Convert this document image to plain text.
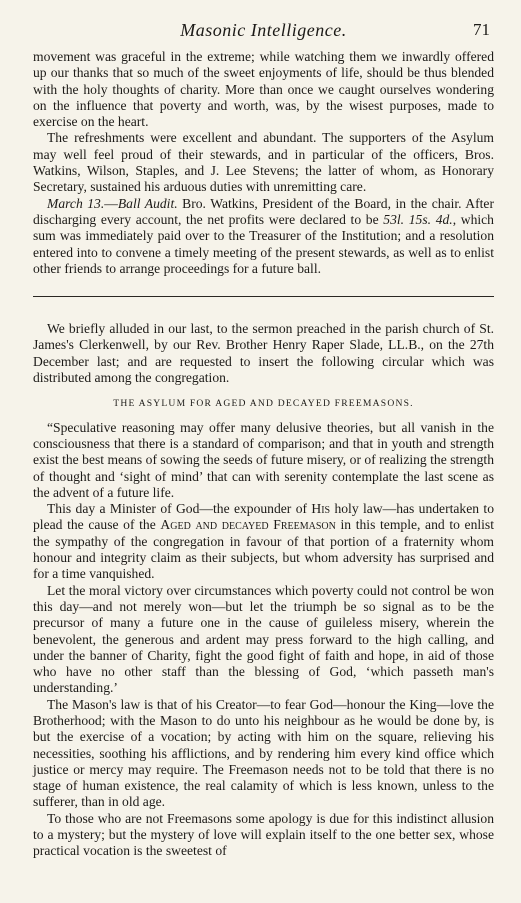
Masonic Intelligence.	71

movement was graceful in the extreme; while watching them we inwardly offered up our thanks that so much of the sweet enjoyments of life, should be thus blended with the holy thoughts of charity. More than once we caught ourselves wondering on the influence that poverty and worth, was, by the wisest purposes, made to exercise on the heart.

The refreshments were excellent and abundant. The supporters of the Asylum may well feel proud of their stewards, and in particular of the officers, Bros. Watkins, Wilson, Staples, and J. Lee Stevens; the latter of whom, as Honorary Secretary, sustained his arduous duties with unremitting care.

March 13.—Ball Audit. Bro. Watkins, President of the Board, in the chair. After discharging every account, the net profits were declared to be 53l. 15s. 4d., which sum was immediately paid over to the Treasurer of the Institution; and a resolution entered into to convene a timely meeting of the present stewards, as well as to enlist other friends to arrange proceedings for a future ball.

We briefly alluded in our last, to the sermon preached in the parish church of St. James's Clerkenwell, by our Rev. Brother Henry Raper Slade, LL.B., on the 27th December last; and are requested to insert the following circular which was distributed among the congregation.

THE ASYLUM FOR AGED AND DECAYED FREEMASONS.

“Speculative reasoning may offer many delusive theories, but all vanish in the consciousness that there is a standard of comparison; and that in youth and strength exist the best means of sowing the seeds of future misery, or of realizing the strength of thought and ‘sight of mind’ that can with serenity contemplate the last scene as the advent of a future life.

This day a Minister of God—the expounder of His holy law—has undertaken to plead the cause of the Aged and decayed Freemason in this temple, and to enlist the sympathy of the congregation in favour of that portion of a fraternity whom honour and integrity claim as their subjects, but whom adversity has surprised and for a time vanquished.

Let the moral victory over circumstances which poverty could not control be won this day—and not merely won—but let the triumph be so signal as to be the precursor of many a future one in the cause of guileless misery, wherein the benevolent, the generous and ardent may press forward to the high calling, and under the banner of Charity, fight the good fight of faith and hope, in aid of those who have no other staff than the blessing of God, ‘which passeth man's understanding.’

The Mason's law is that of his Creator—to fear God—honour the King—love the Brotherhood; with the Mason to do unto his neighbour as he would be done by, is but the exercise of a vocation; by acting with him on the square, relieving his necessities, soothing his afflictions, and by rendering him every kind office which justice or mercy may require. The Freemason needs not to be told that there is no stage of human existence, the real calamity of which is less known, unless to the sufferer, than in old age.

To those who are not Freemasons some apology is due for this indistinct allusion to a mystery; but the mystery of love will explain itself to the one better sex, whose practical vocation is the sweetest of
